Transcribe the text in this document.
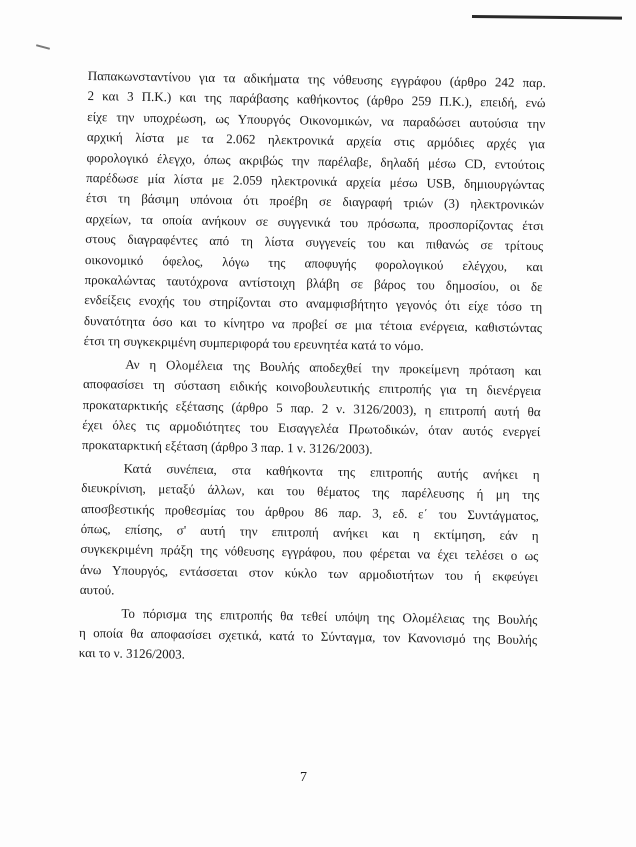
Παπακωνσταντίνου για τα αδικήματα της νόθευσης εγγράφου (άρθρο 242 παρ.
2 και 3 Π.Κ.) και της παράβασης καθήκοντος (άρθρο 259 Π.Κ.), επειδή, ενώ
είχε την υποχρέωση, ως Υπουργός Οικονομικών, να παραδώσει αυτούσια την
αρχική λίστα με τα 2.062 ηλεκτρονικά αρχεία στις αρμόδιες αρχές για
φορολογικό έλεγχο, όπως ακριβώς την παρέλαβε, δηλαδή μέσω CD, εντούτοις
παρέδωσε μία λίστα με 2.059 ηλεκτρονικά αρχεία μέσω USB, δημιουργώντας
έτσι τη βάσιμη υπόνοια ότι προέβη σε διαγραφή τριών (3) ηλεκτρονικών
αρχείων, τα οποία ανήκουν σε συγγενικά του πρόσωπα, προσπορίζοντας έτσι
στους διαγραφέντες από τη λίστα συγγενείς του και πιθανώς σε τρίτους
οικονομικό όφελος, λόγω της αποφυγής φορολογικού ελέγχου, και
προκαλώντας ταυτόχρονα αντίστοιχη βλάβη σε βάρος του δημοσίου, οι δε
ενδείξεις ενοχής του στηρίζονται στο αναμφισβήτητο γεγονός ότι είχε τόσο τη
δυνατότητα όσο και το κίνητρο να προβεί σε μια τέτοια ενέργεια, καθιστώντας
έτσι τη συγκεκριμένη συμπεριφορά του ερευνητέα κατά το νόμο.

Αν η Ολομέλεια της Βουλής αποδεχθεί την προκείμενη πρόταση και
αποφασίσει τη σύσταση ειδικής κοινοβουλευτικής επιτροπής για τη διενέργεια
προκαταρκτικής εξέτασης (άρθρο 5 παρ. 2 ν. 3126/2003), η επιτροπή αυτή θα
έχει όλες τις αρμοδιότητες του Εισαγγελέα Πρωτοδικών, όταν αυτός ενεργεί
προκαταρκτική εξέταση (άρθρο 3 παρ. 1 ν. 3126/2003).

Κατά συνέπεια, στα καθήκοντα της επιτροπής αυτής ανήκει η
διευκρίνιση, μεταξύ άλλων, και του θέματος της παρέλευσης ή μη της
αποσβεστικής προθεσμίας του άρθρου 86 παρ. 3, εδ. ε΄ του Συντάγματος,
όπως, επίσης, σ' αυτή την επιτροπή ανήκει και η εκτίμηση, εάν η
συγκεκριμένη πράξη της νόθευσης εγγράφου, που φέρεται να έχει τελέσει ο ως
άνω Υπουργός, εντάσσεται στον κύκλο των αρμοδιοτήτων του ή εκφεύγει
αυτού.

Το πόρισμα της επιτροπής θα τεθεί υπόψη της Ολομέλειας της Βουλής
η οποία θα αποφασίσει σχετικά, κατά το Σύνταγμα, τον Κανονισμό της Βουλής
και το ν. 3126/2003.

7
